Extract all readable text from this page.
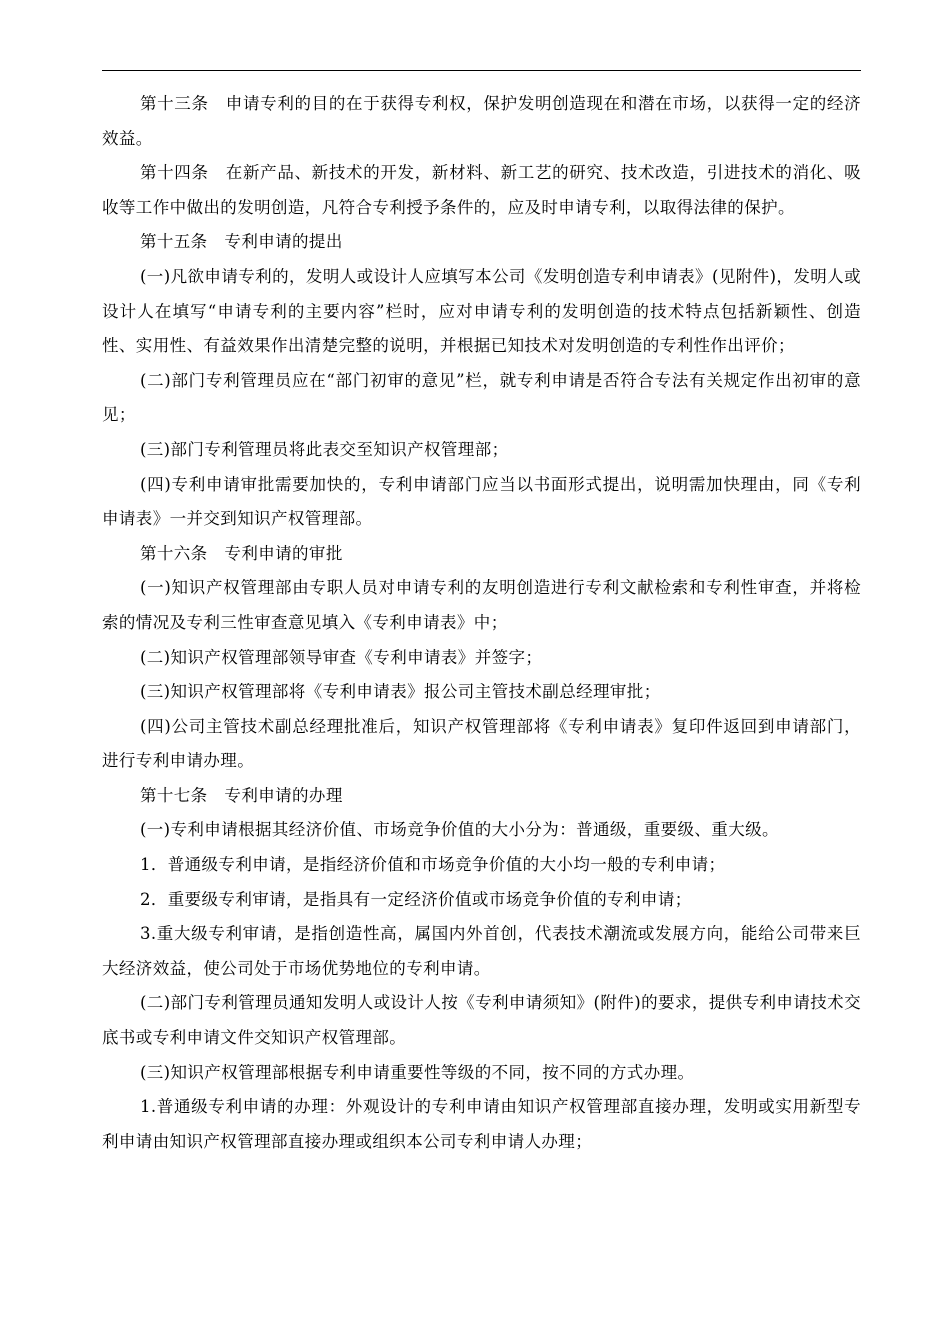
第十三条　申请专利的目的在于获得专利权，保护发明创造现在和潜在市场，以获得一定的经济效益。

第十四条　在新产品、新技术的开发，新材料、新工艺的研究、技术改造，引进技术的消化、吸收等工作中做出的发明创造，凡符合专利授予条件的，应及时申请专利，以取得法律的保护。

第十五条　专利申请的提出

(一)凡欲申请专利的，发明人或设计人应填写本公司《发明创造专利申请表》(见附件)，发明人或设计人在填写“申请专利的主要内容”栏时，应对申请专利的发明创造的技术特点包括新颖性、创造性、实用性、有益效果作出清楚完整的说明，并根据已知技术对发明创造的专利性作出评价；

(二)部门专利管理员应在“部门初审的意见”栏，就专利申请是否符合专法有关规定作出初审的意见；

(三)部门专利管理员将此表交至知识产权管理部；

(四)专利申请审批需要加快的，专利申请部门应当以书面形式提出，说明需加快理由，同《专利申请表》一并交到知识产权管理部。

第十六条　专利申请的审批

(一)知识产权管理部由专职人员对申请专利的友明创造进行专利文献检索和专利性审查，并将检索的情况及专利三性审查意见填入《专利申请表》中；

(二)知识产权管理部领导审查《专利申请表》并签字；

(三)知识产权管理部将《专利申请表》报公司主管技术副总经理审批；

(四)公司主管技术副总经理批准后，知识产权管理部将《专利申请表》复印件返回到申请部门，进行专利申请办理。

第十七条　专利申请的办理

(一)专利申请根据其经济价值、市场竞争价值的大小分为：普通级，重要级、重大级。

1．普通级专利申请，是指经济价值和市场竞争价值的大小均一般的专利申请；

2．重要级专利审请，是指具有一定经济价值或市场竞争价值的专利申请；

3.重大级专利审请，是指创造性高，属国内外首创，代表技术潮流或发展方向，能给公司带来巨大经济效益，使公司处于市场优势地位的专利申请。

(二)部门专利管理员通知发明人或设计人按《专利申请须知》(附件)的要求，提供专利申请技术交底书或专利申请文件交知识产权管理部。

(三)知识产权管理部根据专利申请重要性等级的不同，按不同的方式办理。

1.普通级专利申请的办理：外观设计的专利申请由知识产权管理部直接办理，发明或实用新型专利申请由知识产权管理部直接办理或组织本公司专利申请人办理；
